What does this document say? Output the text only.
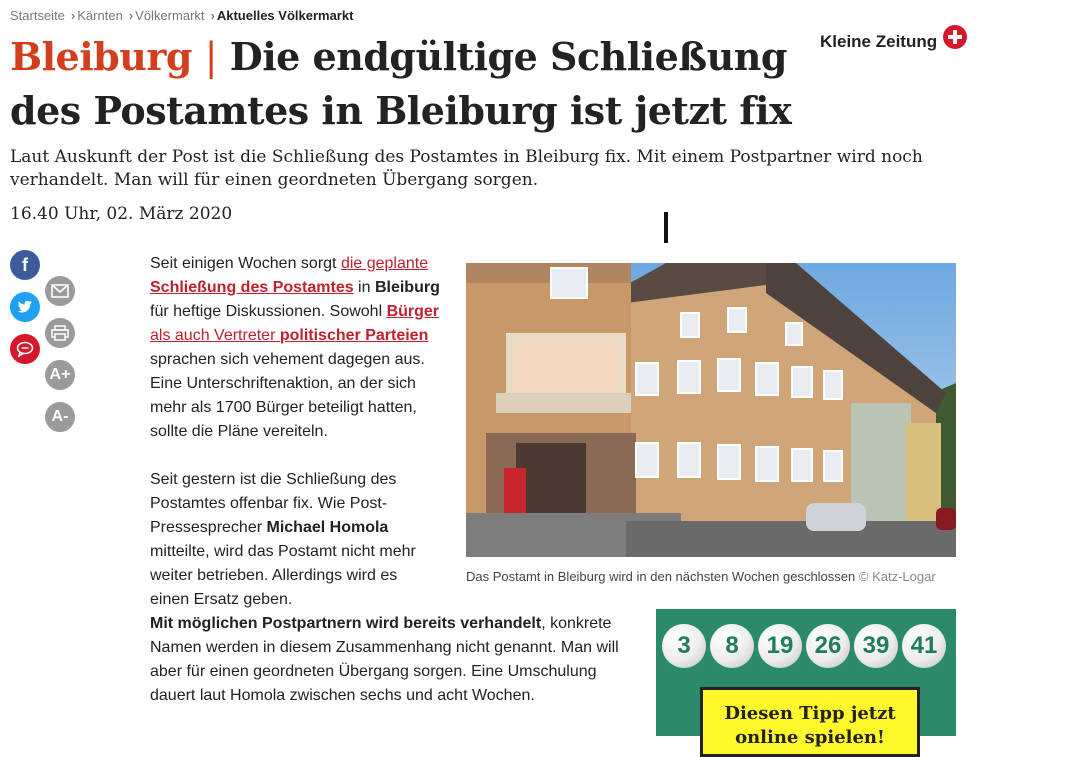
Startseite › Kärnten › Völkermarkt › Aktuelles Völkermarkt
Kleine Zeitung
Bleiburg | Die endgültige Schließung des Postamtes in Bleiburg ist jetzt fix

Laut Auskunft der Post ist die Schließung des Postamtes in Bleiburg fix. Mit einem Postpartner wird noch verhandelt. Man will für einen geordneten Übergang sorgen.

16.40 Uhr, 02. März 2020
f
A+
A-

Seit einigen Wochen sorgt die geplante Schließung des Postamtes in Bleiburg für heftige Diskussionen. Sowohl Bürger als auch Vertreter politischer Parteien sprachen sich vehement dagegen aus. Eine Unterschriftenaktion, an der sich mehr als 1700 Bürger beteiligt hatten, sollte die Pläne vereiteln.

Seit gestern ist die Schließung des Postamtes offenbar fix. Wie Post-Pressesprecher Michael Homola mitteilte, wird das Postamt nicht mehr weiter betrieben. Allerdings wird es einen Ersatz geben.
Mit möglichen Postpartnern wird bereits verhandelt, konkrete Namen werden in diesem Zusammenhang nicht genannt. Man will aber für einen geordneten Übergang sorgen. Eine Umschulung dauert laut Homola zwischen sechs und acht Wochen.

Das Postamt in Bleiburg wird in den nächsten Wochen geschlossen © Katz-Logar
3	8	19 26 39 41
Diesen Tipp jetzt online spielen!
